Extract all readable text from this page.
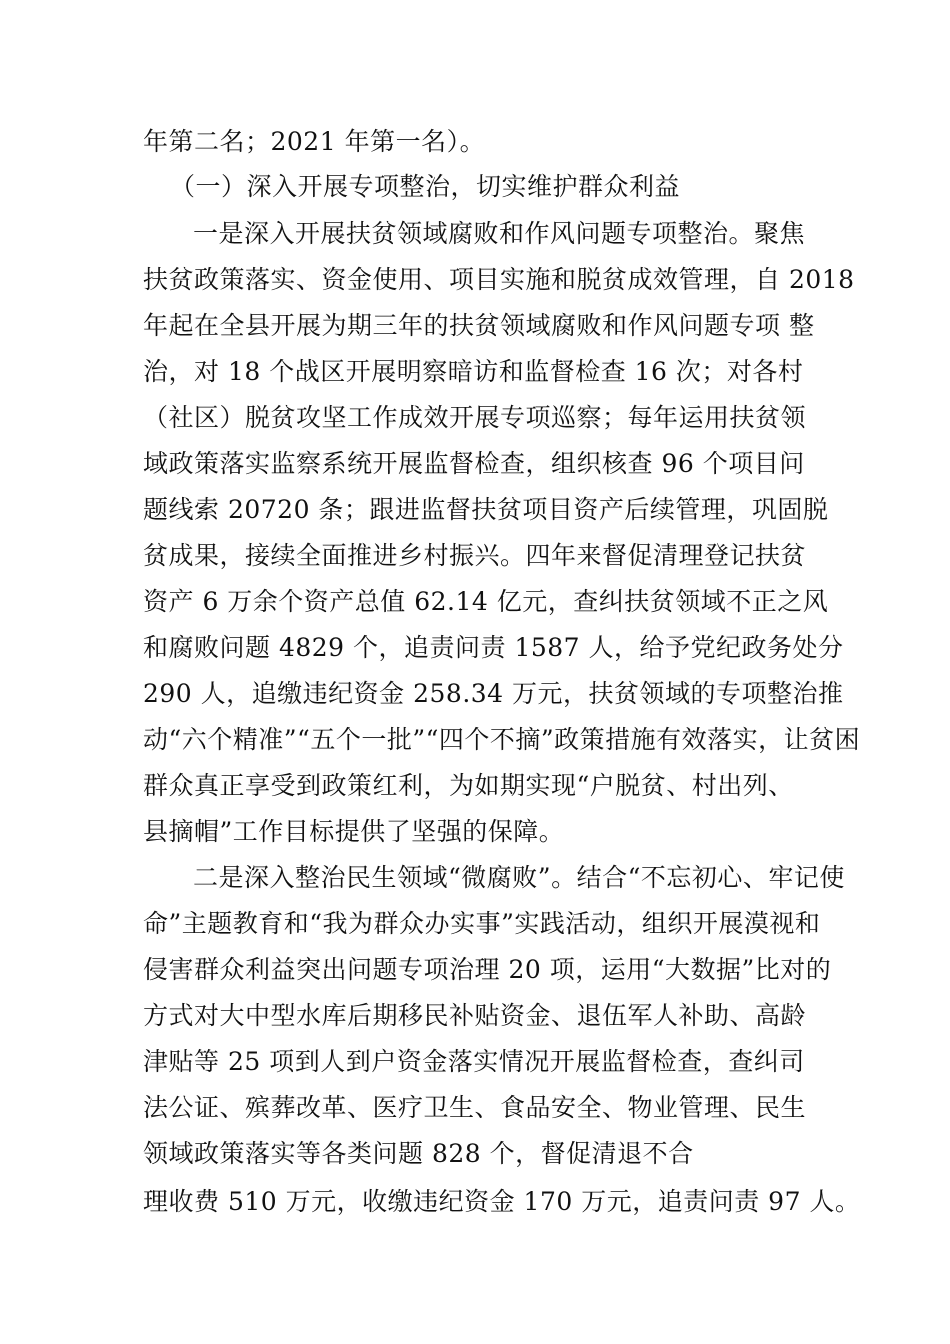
年第二名；2021 年第一名）。
（一）深入开展专项整治，切实维护群众利益
一是深入开展扶贫领域腐败和作风问题专项整治。聚焦
扶贫政策落实、资金使用、项目实施和脱贫成效管理，自 2018
年起在全县开展为期三年的扶贫领域腐败和作风问题专项 整
治，对 18 个战区开展明察暗访和监督检查 16 次；对各村
（社区）脱贫攻坚工作成效开展专项巡察；每年运用扶贫领
域政策落实监察系统开展监督检查，组织核查 96 个项目问
题线索 20720 条；跟进监督扶贫项目资产后续管理，巩固脱
贫成果，接续全面推进乡村振兴。四年来督促清理登记扶贫
资产 6 万余个资产总值 62.14 亿元，查纠扶贫领域不正之风
和腐败问题 4829 个，追责问责 1587 人，给予党纪政务处分
290 人，追缴违纪资金 258.34 万元，扶贫领域的专项整治推
动“六个精准”“五个一批”“四个不摘”政策措施有效落实，让贫困
群众真正享受到政策红利，为如期实现“户脱贫、村出列、
县摘帽”工作目标提供了坚强的保障。
二是深入整治民生领域“微腐败”。结合“不忘初心、牢记使
命”主题教育和“我为群众办实事”实践活动，组织开展漠视和
侵害群众利益突出问题专项治理 20 项，运用“大数据”比对的
方式对大中型水库后期移民补贴资金、退伍军人补助、高龄
津贴等 25 项到人到户资金落实情况开展监督检查，查纠司
法公证、殡葬改革、医疗卫生、食品安全、物业管理、民生
领域政策落实等各类问题 828 个，督促清退不合
理收费 510 万元，收缴违纪资金 170 万元，追责问责 97 人。
